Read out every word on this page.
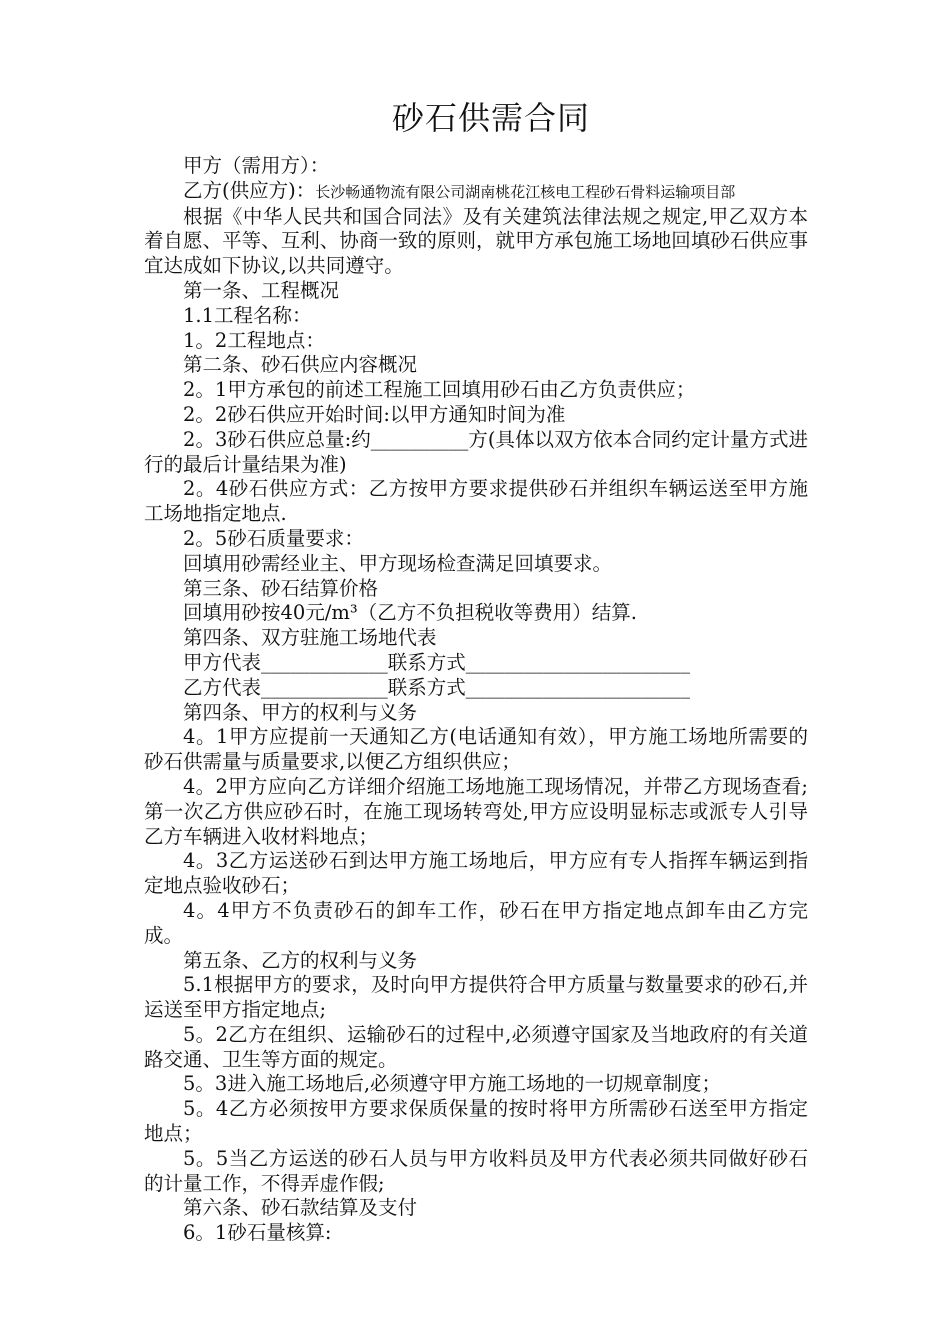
砂石供需合同

甲方（需用方）：

乙方(供应方)：长沙畅通物流有限公司湖南桃花江核电工程砂石骨料运输项目部

根据《中华人民共和国合同法》及有关建筑法律法规之规定,甲乙双方本着自愿、平等、互利、协商一致的原则，就甲方承包施工场地回填砂石供应事宜达成如下协议,以共同遵守。

第一条、工程概况

1.1工程名称：

1。2工程地点：

第二条、砂石供应内容概况

2。1甲方承包的前述工程施工回填用砂石由乙方负责供应；

2。2砂石供应开始时间:以甲方通知时间为准

2。3砂石供应总量:约__________方(具体以双方依本合同约定计量方式进行的最后计量结果为准)

2。4砂石供应方式：乙方按甲方要求提供砂石并组织车辆运送至甲方施工场地指定地点.

2。5砂石质量要求：

回填用砂需经业主、甲方现场检查满足回填要求。

第三条、砂石结算价格

回填用砂按40元/m³（乙方不负担税收等费用）结算.

第四条、双方驻施工场地代表

甲方代表_____________联系方式_______________________

乙方代表_____________联系方式_______________________

第四条、甲方的权利与义务

4。1甲方应提前一天通知乙方(电话通知有效），甲方施工场地所需要的砂石供需量与质量要求,以便乙方组织供应；

4。2甲方应向乙方详细介绍施工场地施工现场情况，并带乙方现场查看;第一次乙方供应砂石时，在施工现场转弯处,甲方应设明显标志或派专人引导乙方车辆进入收材料地点；

4。3乙方运送砂石到达甲方施工场地后，甲方应有专人指挥车辆运到指定地点验收砂石；

4。4甲方不负责砂石的卸车工作，砂石在甲方指定地点卸车由乙方完成。

第五条、乙方的权利与义务

5.1根据甲方的要求，及时向甲方提供符合甲方质量与数量要求的砂石,并运送至甲方指定地点;

5。2乙方在组织、运输砂石的过程中,必须遵守国家及当地政府的有关道路交通、卫生等方面的规定。

5。3进入施工场地后,必须遵守甲方施工场地的一切规章制度；

5。4乙方必须按甲方要求保质保量的按时将甲方所需砂石送至甲方指定地点；

5。5当乙方运送的砂石人员与甲方收料员及甲方代表必须共同做好砂石的计量工作，不得弄虚作假;

第六条、砂石款结算及支付

6。1砂石量核算:
